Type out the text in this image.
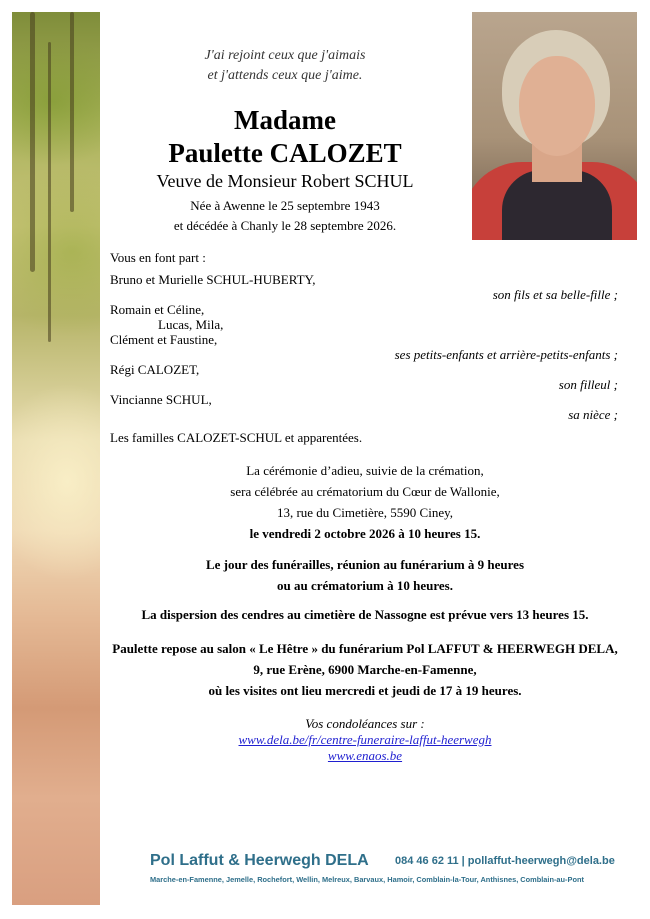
J'ai rejoint ceux que j'aimais
et j'attends ceux que j'aime.
Madame
Paulette CALOZET
Veuve de Monsieur Robert SCHUL
Née à Awenne le 25 septembre 1943
et décédée à Chanly le 28 septembre 2026.
Vous en font part :
Bruno et Murielle SCHUL-HUBERTY,
son fils et sa belle-fille ;
Romain et Céline,
Lucas, Mila,
Clément et Faustine,
ses petits-enfants et arrière-petits-enfants ;
Régi CALOZET,
son filleul ;
Vincianne SCHUL,
sa nièce ;
Les familles CALOZET-SCHUL et apparentées.
La cérémonie d’adieu, suivie de la crémation,
sera célébrée au crématorium du Cœur de Wallonie,
13, rue du Cimetière, 5590 Ciney,
le vendredi 2 octobre 2026 à 10 heures 15.
Le jour des funérailles, réunion au funérarium à 9 heures
ou au crématorium à 10 heures.
La dispersion des cendres au cimetière de Nassogne est prévue vers 13 heures 15.
Paulette repose au salon « Le Hêtre » du funérarium Pol LAFFUT & HEERWEGH DELA,
9, rue Erène, 6900 Marche-en-Famenne,
où les visites ont lieu mercredi et jeudi de 17 à 19 heures.
Vos condoléances sur :
www.dela.be/fr/centre-funeraire-laffut-heerwegh
www.enaos.be
Pol Laffut & Heerwegh DELA 084 46 62 11 | pollaffut-heerwegh@dela.be
Marche-en-Famenne, Jemelle, Rochefort, Wellin, Melreux, Barvaux, Hamoir, Comblain-la-Tour, Anthisnes, Comblain-au-Pont
